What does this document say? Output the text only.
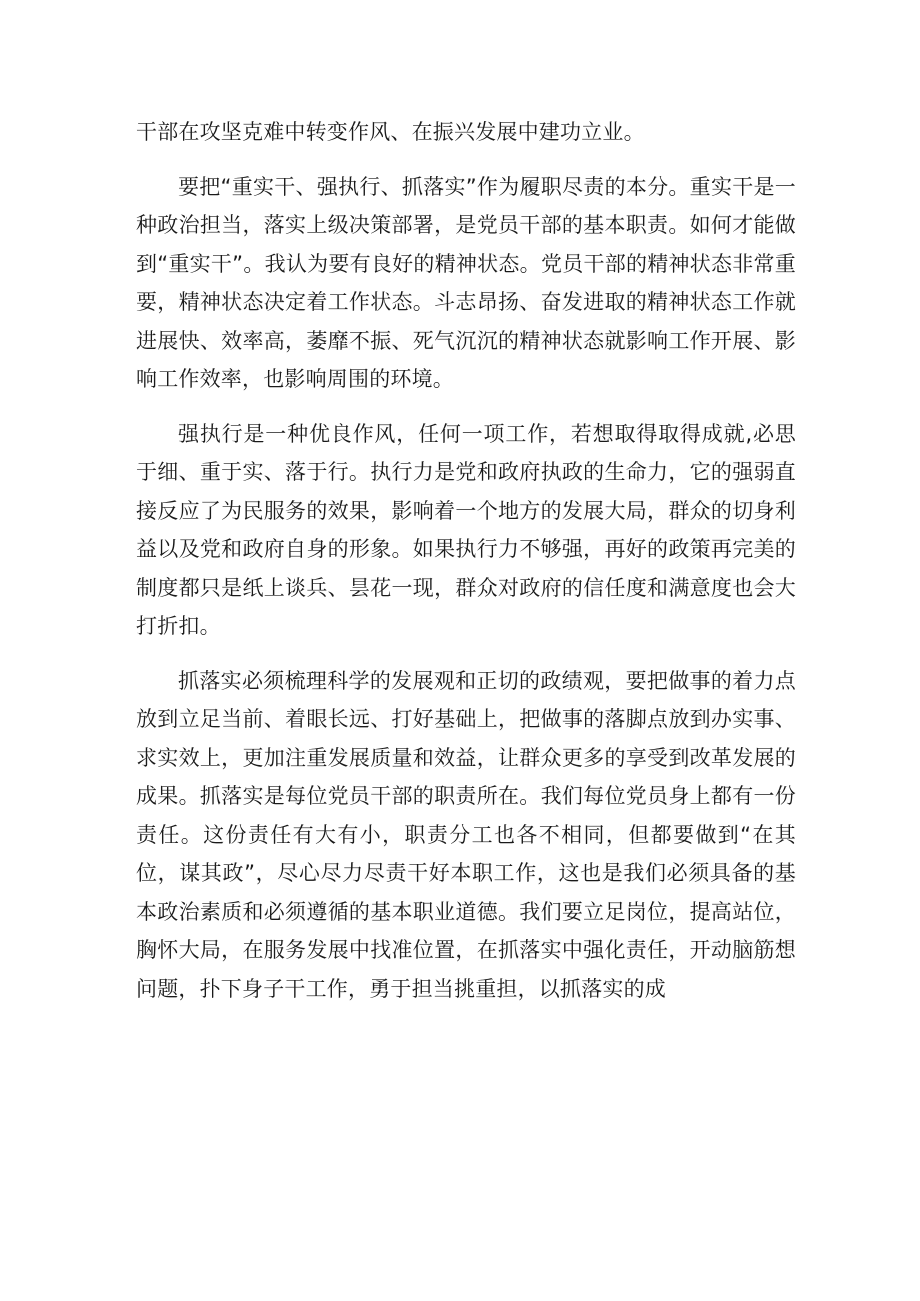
干部在攻坚克难中转变作风、在振兴发展中建功立业。

要把“重实干、强执行、抓落实”作为履职尽责的本分。重实干是一种政治担当，落实上级决策部署，是党员干部的基本职责。如何才能做到“重实干”。我认为要有良好的精神状态。党员干部的精神状态非常重要，精神状态决定着工作状态。斗志昂扬、奋发进取的精神状态工作就进展快、效率高，萎靡不振、死气沉沉的精神状态就影响工作开展、影响工作效率，也影响周围的环境。

强执行是一种优良作风，任何一项工作，若想取得取得成就,必思于细、重于实、落于行。执行力是党和政府执政的生命力，它的强弱直接反应了为民服务的效果，影响着一个地方的发展大局，群众的切身利益以及党和政府自身的形象。如果执行力不够强，再好的政策再完美的制度都只是纸上谈兵、昙花一现，群众对政府的信任度和满意度也会大打折扣。

抓落实必须梳理科学的发展观和正切的政绩观，要把做事的着力点放到立足当前、着眼长远、打好基础上，把做事的落脚点放到办实事、求实效上，更加注重发展质量和效益，让群众更多的享受到改革发展的成果。抓落实是每位党员干部的职责所在。我们每位党员身上都有一份责任。这份责任有大有小，职责分工也各不相同，但都要做到“在其位，谋其政”，尽心尽力尽责干好本职工作，这也是我们必须具备的基本政治素质和必须遵循的基本职业道德。我们要立足岗位，提高站位，胸怀大局，在服务发展中找准位置，在抓落实中强化责任，开动脑筋想问题，扑下身子干工作，勇于担当挑重担，以抓落实的成
